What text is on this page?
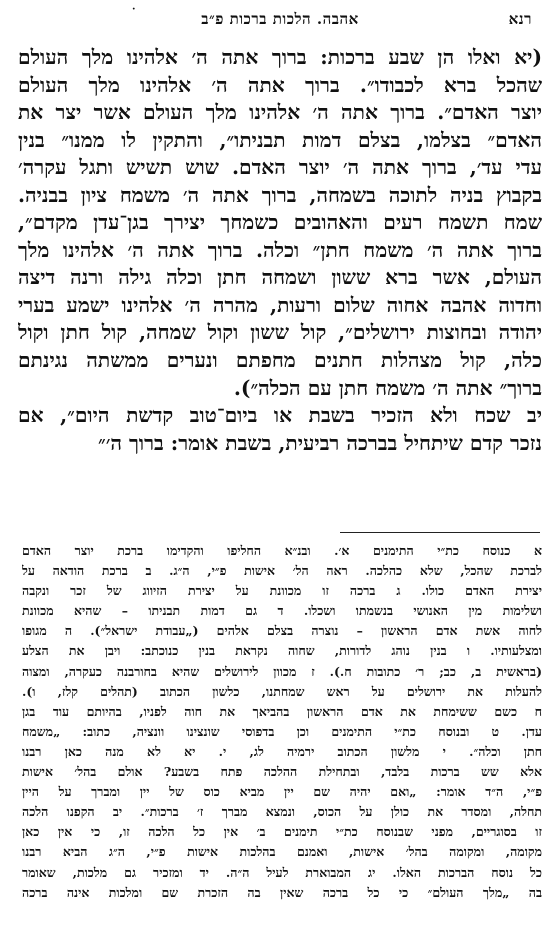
אהבה. הלכות ברכות פ״ב	רנא
·
(יא ואלו הן שבע ברכות: ברוך אתה ה׳ אלהינו מלך העולם
שהכל ברא לכבודו״. ברוך אתה ה׳ אלהינו מלך העולם
יוצר האדם״. ברוך אתה ה׳ אלהינו מלך העולם אשר יצר את
האדם״ בצלמו, בצלם דמות תבניתו״, והתקין לו ממנו״ בנין
עדי עד׳, ברוך אתה ה׳ יוצר האדם. שוש תשיש ותגל עקרה׳
בקבוץ בניה לתוכה בשמחה, ברוך אתה ה׳ משמח ציון בבניה.
שמח תשמח רעים והאהובים כשמחך יצירך בגן־עדן מקדם״,
ברוך אתה ה׳ משמח חתן״ וכלה. ברוך אתה ה׳ אלהינו מלך
העולם, אשר ברא ששון ושמחה חתן וכלה גילה ורנה דיצה
וחדוה אהבה אחוה שלום ורעות, מהרה ה׳ אלהינו ישמע בערי
יהודה ובחוצות ירושלים״, קול ששון וקול שמחה, קול חתן וקול
כלה, קול מצהלות חתנים מחפתם ונערים ממשתה נגינתם
ברוך״ אתה ה׳ משמח חתן עם הכלה״).
יב שכח ולא הזכיר בשבת או ביום־טוב קדשת היום״, אם
נזכר קדם שיתחיל בברכה רביעית, בשבת אומר: ברוך ה׳״
א כנוסח כת״י התימנים א׳. ובנ״א החליפו והקדימו ברכת יוצר האדם
לברכת שהכל, שלא כהלכה. ראה הל׳ אישות פ״י, ה״ג. ב ברכת הודאה על
יצירת האדם כולו. ג ברכה זו מכוונת על יצירת הזיווג של זכר ונקבה
ושלימות מין האנושי בנשמתו ושכלו. ד גם דמות תבניתו – שהיא מכוונת
לחוה אשת אדם הראשון – נוצרה בצלם אלהים („עבודת ישראל״). ה מגופו
ומצלעותיו. ו בנין נוהג לדורות, שחוה נקראת בנין כנוכתב: ויבן את הצלע
(בראשית ב, כב; ר׳ כתובות ח.). ז מכוון לירושלים שהיא בחורבנה כעקרה, ומצוה
להעלות את ירושלים על ראש שמחתנו, כלשון הכתוב (תהלים קלז, ו).
ח כשם ששימחת את אדם הראשון בהביאך את חוה לפניו, בהיותם עוד בגן
עדן. ט ובנוסח כת״י התימנים וכן בדפוסי שונצינו וונציה, כתוב: „משמח
חתן וכלה״. י מלשון הכתוב ירמיה לג, י. יא לא מנה כאן רבנו
אלא שש ברכות בלבד, ובתחילת ההלכה פתח בשבע? אולם בהל׳ אישות
פ״י, ה״ד אומר: „ואם יהיה שם יין מביא כוס של יין ומברך על היין
תחלה, ומסדר את כולן על הכוס, ונמצא מברך ז׳ ברכות״. יב הקפנו הלכה
זו בסוגריים, מפני שבנוסח כת״י תימנים ב׳ אין כל הלכה זו, כי אין כאן
מקומה, ומקומה בהל׳ אישות, ואמנם בהלכות אישות פ״י, ה״ג הביא רבנו
כל נוסח הברכות האלו. יג המבוארת לעיל ה״ה. יד ומזכיר גם מלכות, שאומר
בה „מלך העולם״ כי כל ברכה שאין בה הזכרת שם ומלכות אינה ברכה
